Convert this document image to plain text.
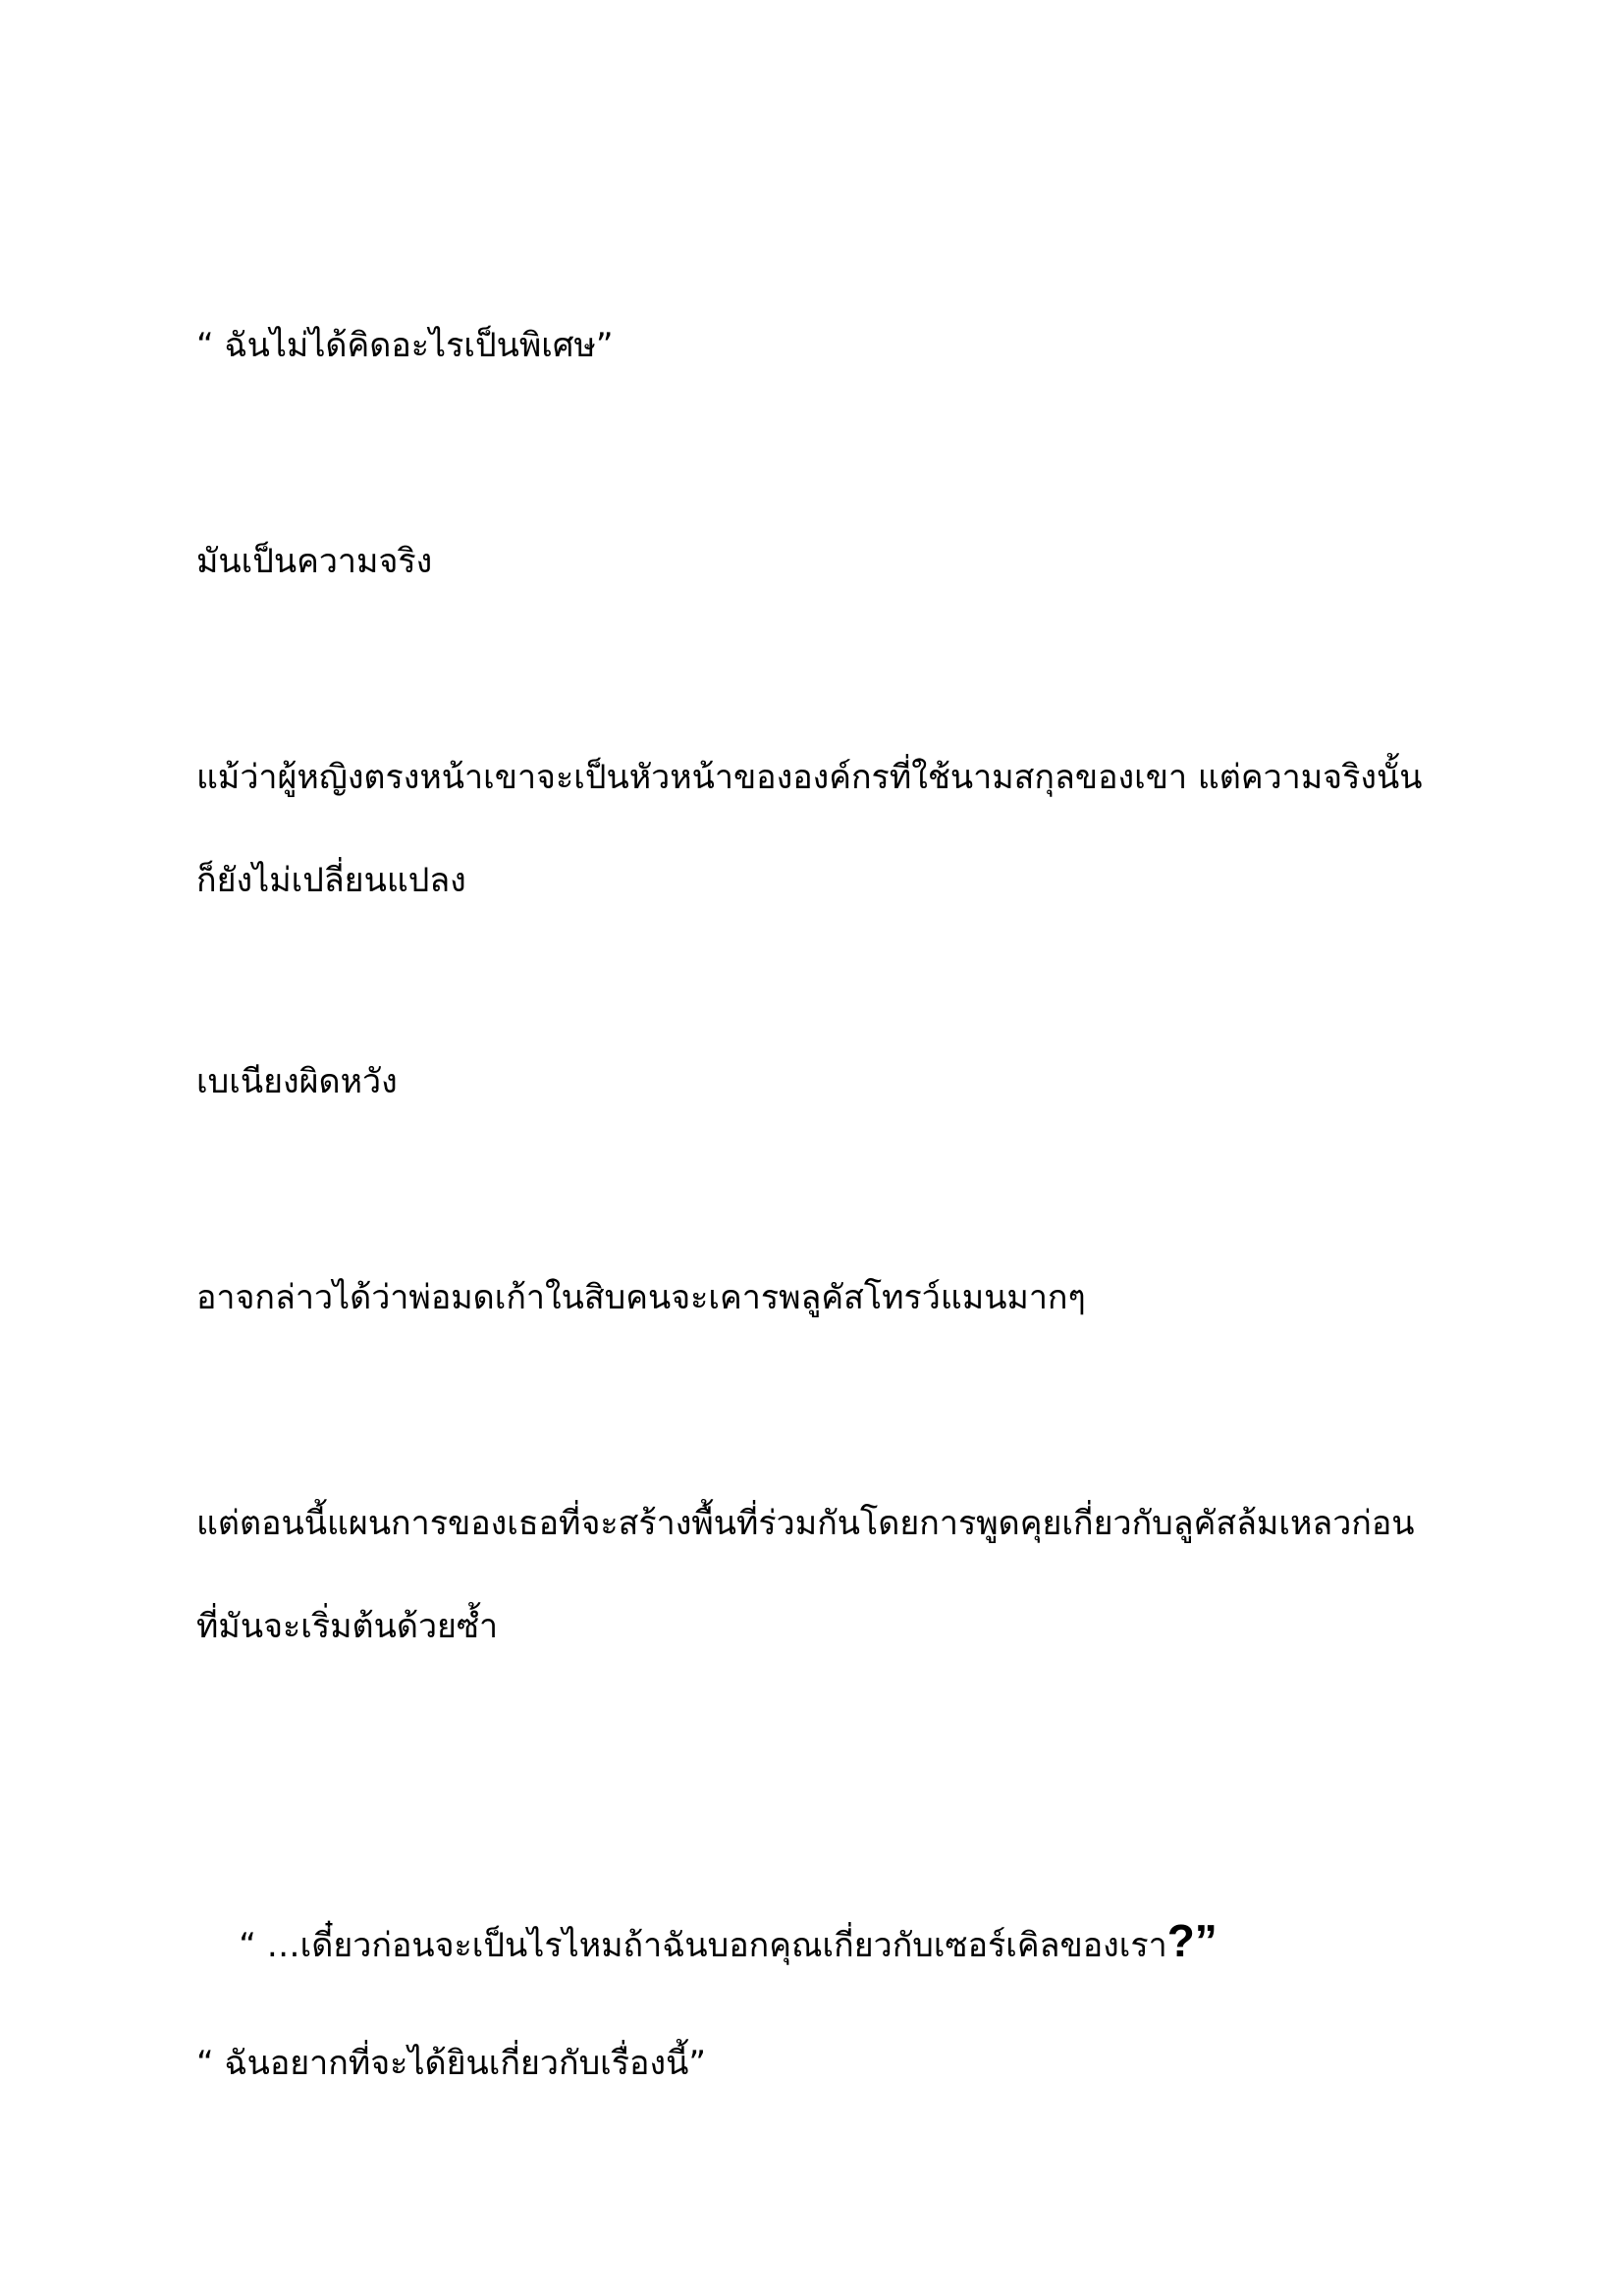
“ ฉันไม่ได้คิดอะไรเป็นพิเศษ”

มันเป็นความจริง

แม้ว่าผู้หญิงตรงหน้าเขาจะเป็นหัวหน้าขององค์กรที่ใช้นามสกุลของเขา แต่ความจริงนั้นก็ยังไม่เปลี่ยนแปลง

เบเนียงผิดหวัง

อาจกล่าวได้ว่าพ่อมดเก้าในสิบคนจะเคารพลูคัสโทรว์แมนมากๆ

แต่ตอนนี้แผนการของเธอที่จะสร้างพื้นที่ร่วมกันโดยการพูดคุยเกี่ยวกับลูคัสล้มเหลวก่อนที่มันจะเริ่มต้นด้วยซ้ำ

“ …เดี๋ยวก่อนจะเป็นไรไหมถ้าฉันบอกคุณเกี่ยวกับเซอร์เคิลของเรา?”

“ ฉันอยากที่จะได้ยินเกี่ยวกับเรื่องนี้”
